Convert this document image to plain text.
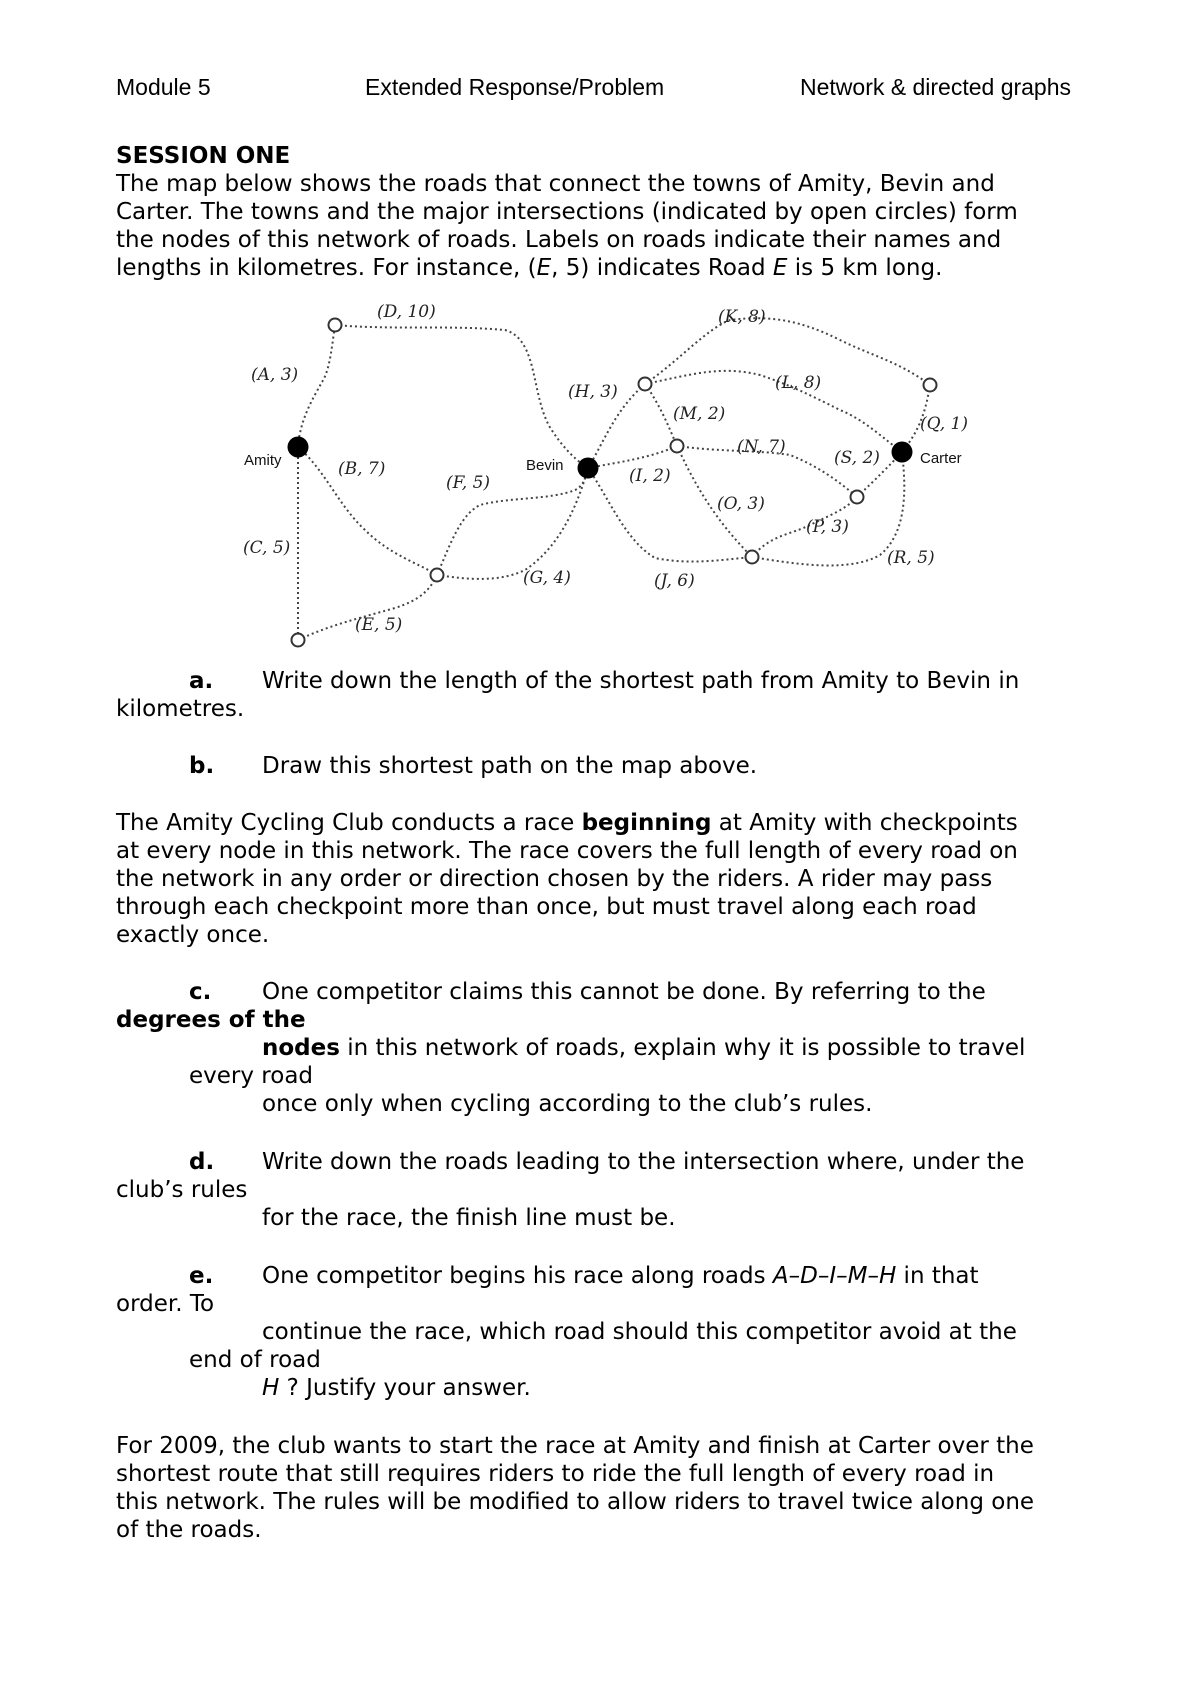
Module 5	Extended Response/Problem	Network & directed graphs
SESSION ONE
The map below shows the roads that connect the towns of Amity, Bevin and
Carter. The towns and the major intersections (indicated by open circles) form
the nodes of this network of roads. Labels on roads indicate their names and
lengths in kilometres. For instance, (E, 5) indicates Road E is 5 km long.
Amity	Bevin	Carter
(A, 3)
(B, 7)
(C, 5)
(D, 10)
(E, 5)
(F, 5)
(G, 4)
(H, 3)
(I, 2)
(J, 6)
(K, 8)
(L, 8)
(M, 2)
(N, 7)
(O, 3)
(P, 3)
(Q, 1)
(R, 5)
(S, 2)
a. Write down the length of the shortest path from Amity to Bevin in
kilometres.
b. Draw this shortest path on the map above.
The Amity Cycling Club conducts a race beginning at Amity with checkpoints
at every node in this network. The race covers the full length of every road on
the network in any order or direction chosen by the riders. A rider may pass
through each checkpoint more than once, but must travel along each road
exactly once.
c. One competitor claims this cannot be done. By referring to the
degrees of the
nodes in this network of roads, explain why it is possible to travel
every road
once only when cycling according to the club’s rules.
d. Write down the roads leading to the intersection where, under the
club’s rules
for the race, the finish line must be.
e. One competitor begins his race along roads A–D–I–M–H in that
order. To
continue the race, which road should this competitor avoid at the
end of road
H ? Justify your answer.
For 2009, the club wants to start the race at Amity and finish at Carter over the
shortest route that still requires riders to ride the full length of every road in
this network. The rules will be modified to allow riders to travel twice along one
of the roads.
